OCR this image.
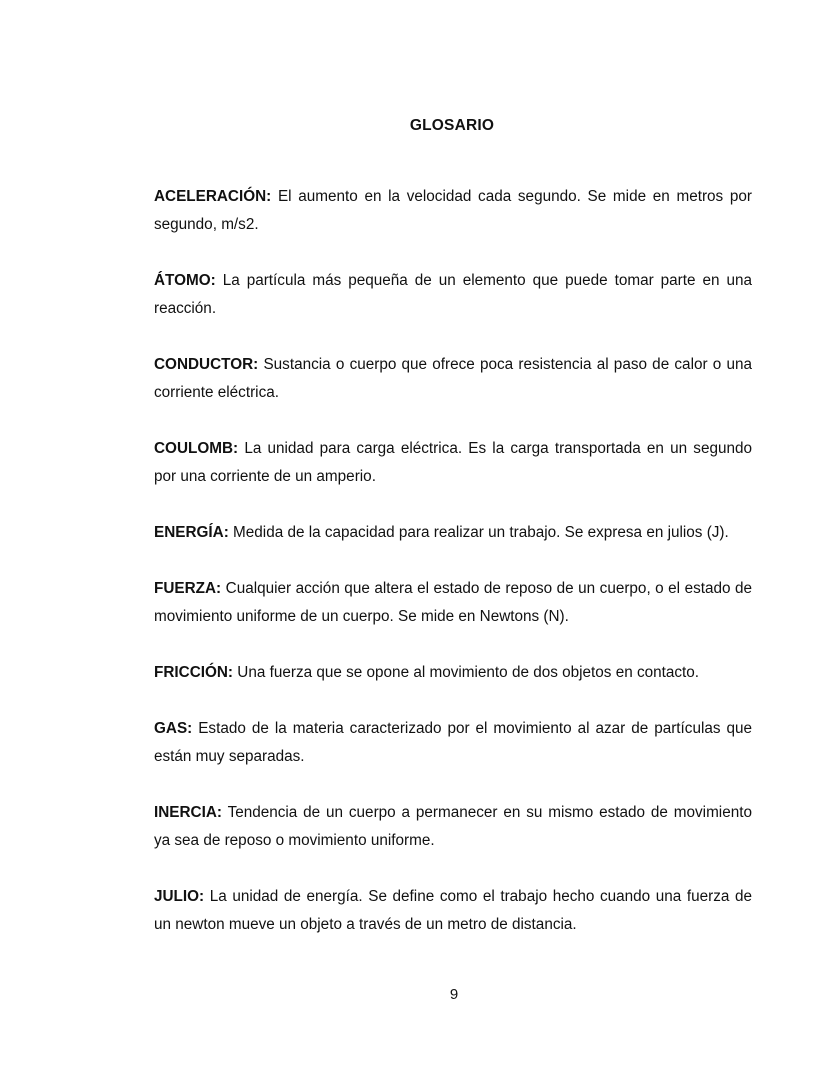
GLOSARIO

ACELERACIÓN: El aumento en la velocidad cada segundo. Se mide en metros por segundo, m/s2.

ÁTOMO: La partícula más pequeña de un elemento que puede tomar parte en una reacción.

CONDUCTOR: Sustancia o cuerpo que ofrece poca resistencia al paso de calor o una corriente eléctrica.

COULOMB: La unidad para carga eléctrica. Es la carga transportada en un segundo por una corriente de un amperio.

ENERGÍA: Medida de la capacidad para realizar un trabajo. Se expresa en julios (J).

FUERZA: Cualquier acción que altera el estado de reposo de un cuerpo, o el estado de movimiento uniforme de un cuerpo. Se mide en Newtons (N).

FRICCIÓN: Una fuerza que se opone al movimiento de dos objetos en contacto.

GAS: Estado de la materia caracterizado por el movimiento al azar de partículas que están muy separadas.

INERCIA: Tendencia de un cuerpo a permanecer en su mismo estado de movimiento ya sea de reposo o movimiento uniforme.

JULIO: La unidad de energía. Se define como el trabajo hecho cuando una fuerza de un newton mueve un objeto a través de un metro de distancia.

9
